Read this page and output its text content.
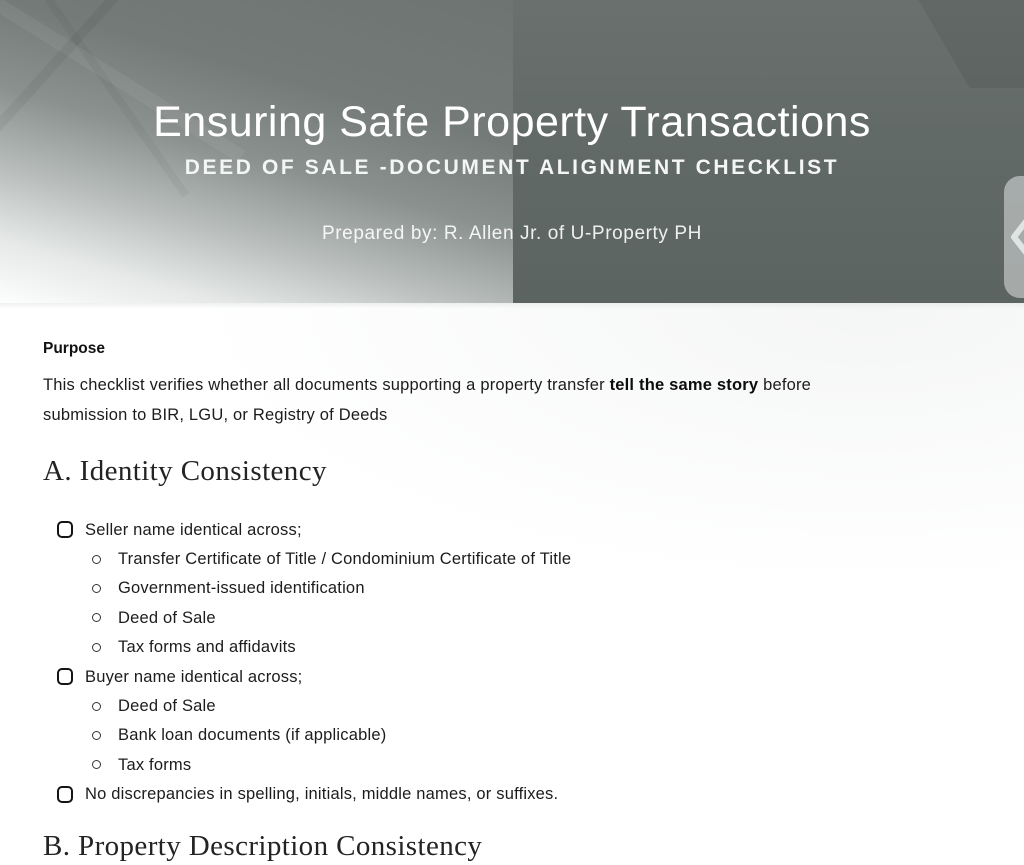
Ensuring Safe Property Transactions
DEED OF SALE -DOCUMENT ALIGNMENT CHECKLIST

Prepared by: R. Allen Jr. of U-Property PH

Purpose

This checklist verifies whether all documents supporting a property transfer tell the same story before
submission to BIR, LGU, or Registry of Deeds

A. Identity Consistency
Seller name identical across;
Transfer Certificate of Title / Condominium Certificate of Title
Government-issued identification
Deed of Sale
Tax forms and affidavits
Buyer name identical across;
Deed of Sale
Bank loan documents (if applicable)
Tax forms
No discrepancies in spelling, initials, middle names, or suffixes.
B. Property Description Consistency
